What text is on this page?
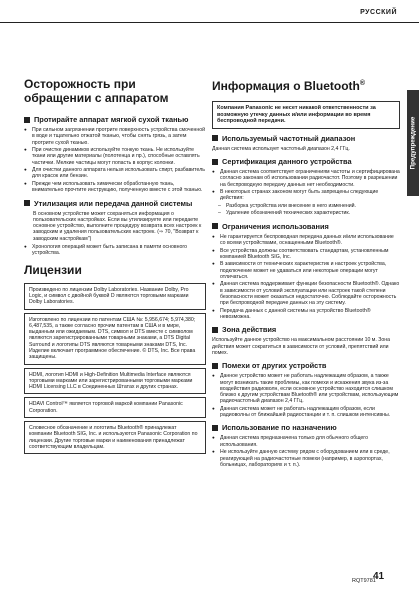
РУССКИЙ
Предупреждение
Осторожность при обращении с аппаратом
Протирайте аппарат мягкой сухой тканью
● При сильном загрязнении протрите поверхность устройства смоченной в воде и тщательно отжатой тканью, чтобы снять грязь, а затем протрите сухой тканью.
● При очистке динамиков используйте тонкую ткань. Не используйте ткани или другие материалы (полотенца и пр.), способные оставлять частички. Мелкие частицы могут попасть в корпус колонки.
● Для очистки данного аппарата нельзя использовать спирт, разбавитель для красок или бензин.
● Прежде чем использовать химически обработанную ткань, внимательно прочтите инструкцию, полученную вместе с этой тканью.
Утилизация или передача данной системы

В основном устройстве может сохраняться информация о пользовательских настройках. Если вы утилизируете или передаете основное устройство, выполните процедуру возврата всех настроек к заводским и удаления пользовательских настроек. (⇒ 70, "Возврат к заводским настройкам")

● Хронология операций может быть записана в памяти основного устройства.
Лицензии

Произведено по лицензии Dolby Laboratories. Название Dolby, Pro Logic, и символ с двойной буквой D являются торговыми марками Dolby Laboratories.

Изготовлено по лицензии по патентам США №: 5,956,674; 5,974,380; 6,487,535, а также согласно прочим патентам в США и в мире, выданным или ожидаемым. DTS, символ и DTS вместе с символом являются зарегистрированными товарными знаками, а DTS Digital Surround и логотипы DTS являются товарными знаками DTS, Inc. Изделие включает программное обеспечение. © DTS, Inc. Все права защищены.

HDMI, логотип HDMI и High-Definition Multimedia Interface являются торговыми марками или зарегистрированными торговыми марками HDMI Licensing LLC в Соединенных Штатах и других странах.

HDAVI Control™ является торговой маркой компании Panasonic Corporation.

Словесное обозначение и логотипы Bluetooth® принадлежат компании Bluetooth SIG, Inc. и используются Panasonic Corporation по лицензии. Другие торговые марки и наименования принадлежат соответствующим владельцам.

Информация о Bluetooth®

Компания Panasonic не несет никакой ответственности за возможную утечку данных и/или информации во время беспроводной передачи.

Используемый частотный диапазон

Данная система использует частотный диапазон 2,4 ГГц.

Сертификация данного устройства
● Данная система соответствует ограничениям частоты и сертифицирована согласно законам об использовании радиочастот. Поэтому в разрешении на беспроводную передачу данных нет необходимости.
● В некоторых странах законом могут быть запрещены следующие действия:
– Разборка устройства или внесение в него изменений.
– Удаление обозначений технических характеристик.
Ограничения использования
● Не гарантируется беспроводная передача данных и/или использование со всеми устройствами, оснащенными Bluetooth®.
● Все устройства должны соответствовать стандартам, установленным компанией Bluetooth SIG, Inc.
● В зависимости от технических характеристик и настроек устройства, подключение может не удаваться или некоторые операции могут отличаться.
● Данная система поддерживает функции безопасности Bluetooth®. Однако в зависимости от условий эксплуатации или настроек такой степени безопасности может оказаться недостаточно. Соблюдайте осторожность при беспроводной передаче данных на эту систему.
● Передача данных с данной системы на устройство Bluetooth® невозможна.
Зона действия

Используйте данное устройство на максимальном расстоянии 10 м. Зона действия может сократиться в зависимости от условий, препятствий или помех.

Помехи от других устройств
● Данное устройство может не работать надлежащим образом, а также могут возникать такие проблемы, как помехи и искажения звука из-за воздействия радиоволн, если основное устройство находится слишком близко к другим устройствам Bluetooth® или устройствам, использующим радиочастотный диапазон 2,4 ГГц.
● Данная система может не работать надлежащим образом, если радиоволны от ближайшей радиостанции и т. п. слишком интенсивны.
Использование по назначению
● Данная система предназначена только для обычного общего использования.
● Не используйте данную систему рядом с оборудованием или в среде, реагирующей на радиочастотные помехи (например, в аэропортах, больницах, лабораториях и т. п.).
RQT9781
41
